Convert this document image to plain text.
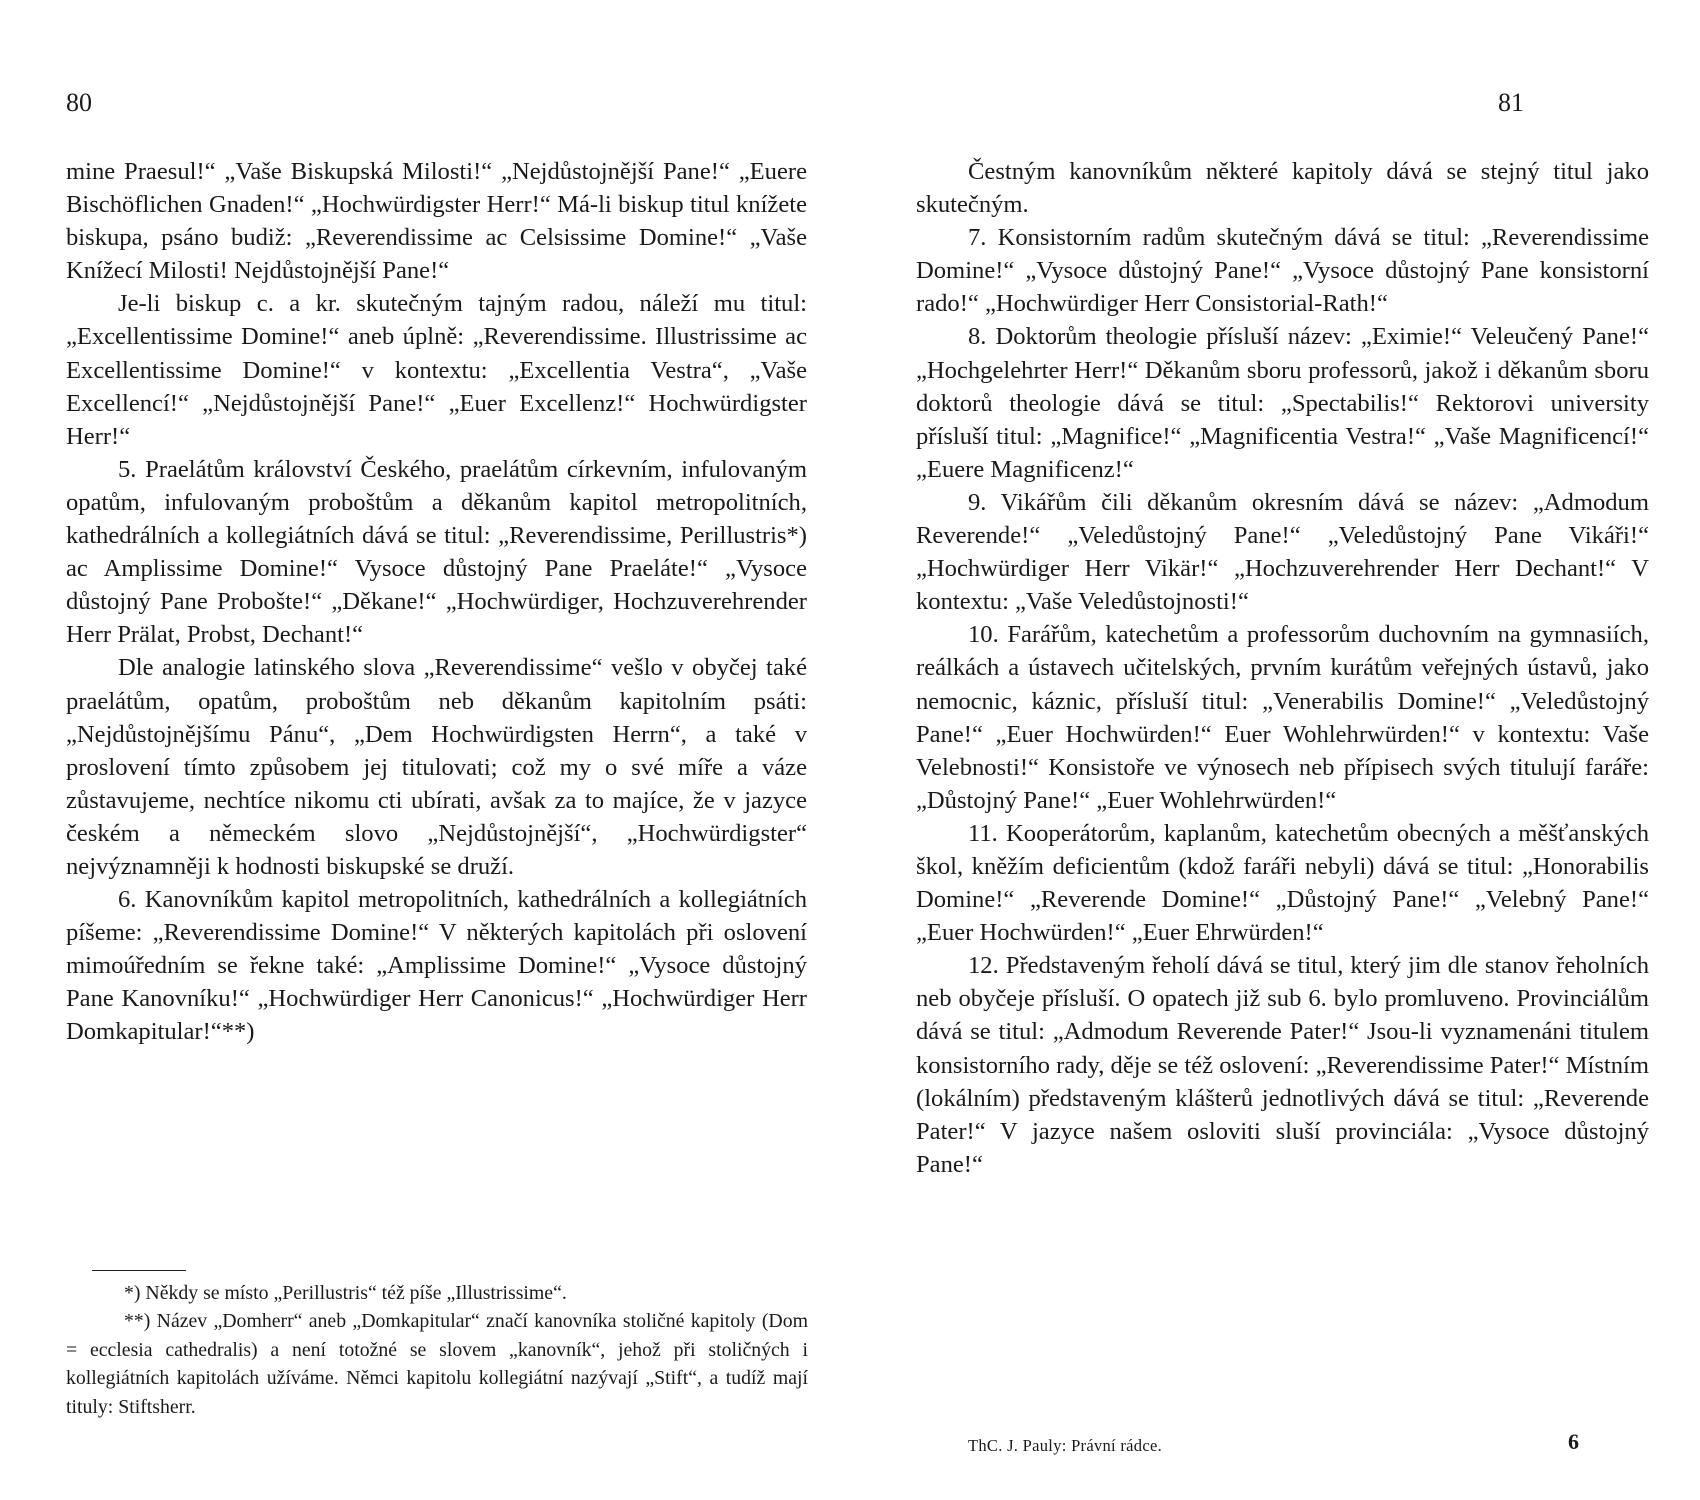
80

mine Praesul!“ „Vaše Biskupská Milosti!“ „Nejdůstojnější Pane!“ „Euere Bischöflichen Gnaden!“ „Hochwürdigster Herr!“ Má-li biskup titul knížete biskupa, psáno budiž: „Reverendissime ac Celsissime Domine!“ „Vaše Knížecí Milosti! Nejdůstojnější Pane!“

Je-li biskup c. a kr. skutečným tajným radou, náleží mu titul: „Excellentissime Domine!“ aneb úplně: „Reverendissime. Illustrissime ac Excellentissime Domine!“ v kontextu: „Excellentia Vestra“, „Vaše Excellencí!“ „Nejdůstojnější Pane!“ „Euer Excellenz!“ Hochwürdigster Herr!“

5. Praelátům království Českého, praelátům církevním, infulovaným opatům, infulovaným proboštům a děkanům kapitol metropolitních, kathedrálních a kollegiátních dává se titul: „Reverendissime, Perillustris*) ac Amplissime Domine!“ Vysoce důstojný Pane Praeláte!“ „Vysoce důstojný Pane Probošte!“ „Děkane!“ „Hochwürdiger, Hochzuverehrender Herr Prälat, Probst, Dechant!“

Dle analogie latinského slova „Reverendissime“ vešlo v obyčej také praelátům, opatům, proboštům neb děkanům kapitolním psáti: „Nejdůstojnějšímu Pánu“, „Dem Hochwürdigsten Herrn“, a také v proslovení tímto způsobem jej titulovati; což my o své míře a váze zůstavujeme, nechtíce nikomu cti ubírati, avšak za to majíce, že v jazyce českém a německém slovo „Nejdůstojnější“, „Hochwürdigster“ nejvýznamněji k hodnosti biskupské se druží.

6. Kanovníkům kapitol metropolitních, kathedrálních a kollegiátních píšeme: „Reverendissime Domine!“ V některých kapitolách při oslovení mimoúředním se řekne také: „Amplissime Domine!“ „Vysoce důstojný Pane Kanovníku!“ „Hochwürdiger Herr Canonicus!“ „Hochwürdiger Herr Domkapitular!“**)

*) Někdy se místo „Perillustris“ též píše „Illustrissime“.

**) Název „Domherr“ aneb „Domkapitular“ značí kanovníka stoličné kapitoly (Dom = ecclesia cathedralis) a není totožné se slovem „kanovník“, jehož při stoličných i kollegiátních kapitolách užíváme. Němci kapitolu kollegiátní nazývají „Stift“, a tudíž mají tituly: Stiftsherr.

81

Čestným kanovníkům některé kapitoly dává se stejný titul jako skutečným.

7. Konsistorním radům skutečným dává se titul: „Reverendissime Domine!“ „Vysoce důstojný Pane!“ „Vysoce důstojný Pane konsistorní rado!“ „Hochwürdiger Herr Consistorial-Rath!“

8. Doktorům theologie přísluší název: „Eximie!“ Veleučený Pane!“ „Hochgelehrter Herr!“ Děkanům sboru professorů, jakož i děkanům sboru doktorů theologie dává se titul: „Spectabilis!“ Rektorovi university přísluší titul: „Magnifice!“ „Magnificentia Vestra!“ „Vaše Magnificencí!“ „Euere Magnificenz!“

9. Vikářům čili děkanům okresním dává se název: „Admodum Reverende!“ „Veledůstojný Pane!“ „Veledůstojný Pane Vikáři!“ „Hochwürdiger Herr Vikär!“ „Hochzuverehrender Herr Dechant!“ V kontextu: „Vaše Veledůstojnosti!“

10. Farářům, katechetům a professorům duchovním na gymnasiích, reálkách a ústavech učitelských, prvním kurátům veřejných ústavů, jako nemocnic, káznic, přísluší titul: „Venerabilis Domine!“ „Veledůstojný Pane!“ „Euer Hochwürden!“ Euer Wohlehrwürden!“ v kontextu: Vaše Velebnosti!“ Konsistoře ve výnosech neb přípisech svých titulují faráře: „Důstojný Pane!“ „Euer Wohlehrwürden!“

11. Kooperátorům, kaplanům, katechetům obecných a měšťanských škol, kněžím deficientům (kdož faráři nebyli) dává se titul: „Honorabilis Domine!“ „Reverende Domine!“ „Důstojný Pane!“ „Velebný Pane!“ „Euer Hochwürden!“ „Euer Ehrwürden!“

12. Představeným řeholí dává se titul, který jim dle stanov řeholních neb obyčeje přísluší. O opatech již sub 6. bylo promluveno. Provinciálům dává se titul: „Admodum Reverende Pater!“ Jsou-li vyznamenáni titulem konsistorního rady, děje se též oslovení: „Reverendissime Pater!“ Místním (lokálním) představeným klášterů jednotlivých dává se titul: „Reverende Pater!“ V jazyce našem osloviti sluší provinciála: „Vysoce důstojný Pane!“

ThC. J. Pauly: Právní rádce.	6
